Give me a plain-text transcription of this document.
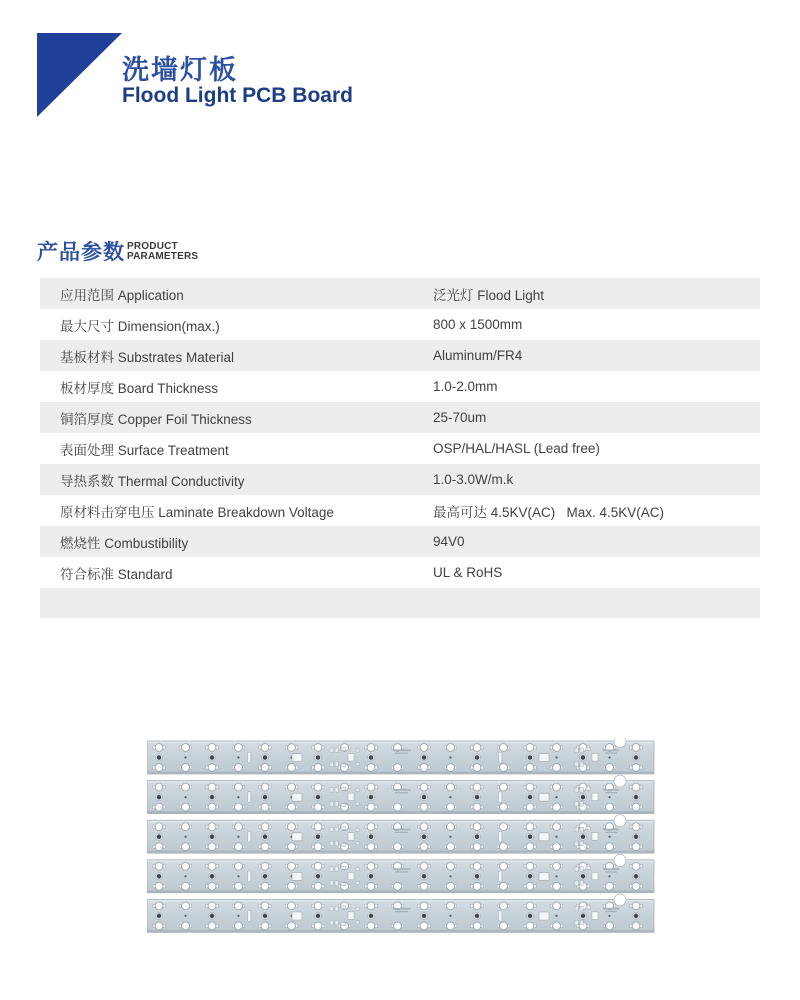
洗墙灯板
Flood Light PCB Board
产品参数 PRODUCT
PARAMETERS
应用范围 Application	泛光灯 Flood Light
最大尺寸 Dimension(max.)	800 x 1500mm
基板材料 Substrates Material	Aluminum/FR4
板材厚度 Board Thickness	1.0-2.0mm
铜箔厚度 Copper Foil Thickness	25-70um
表面处理 Surface Treatment	OSP/HAL/HASL (Lead free)
导热系数 Thermal Conductivity	1.0-3.0W/m.k
原材料击穿电压 Laminate Breakdown Voltage	最高可达 4.5KV(AC)   Max. 4.5KV(AC)
燃烧性 Combustibility	94V0
符合标准 Standard	UL & RoHS
